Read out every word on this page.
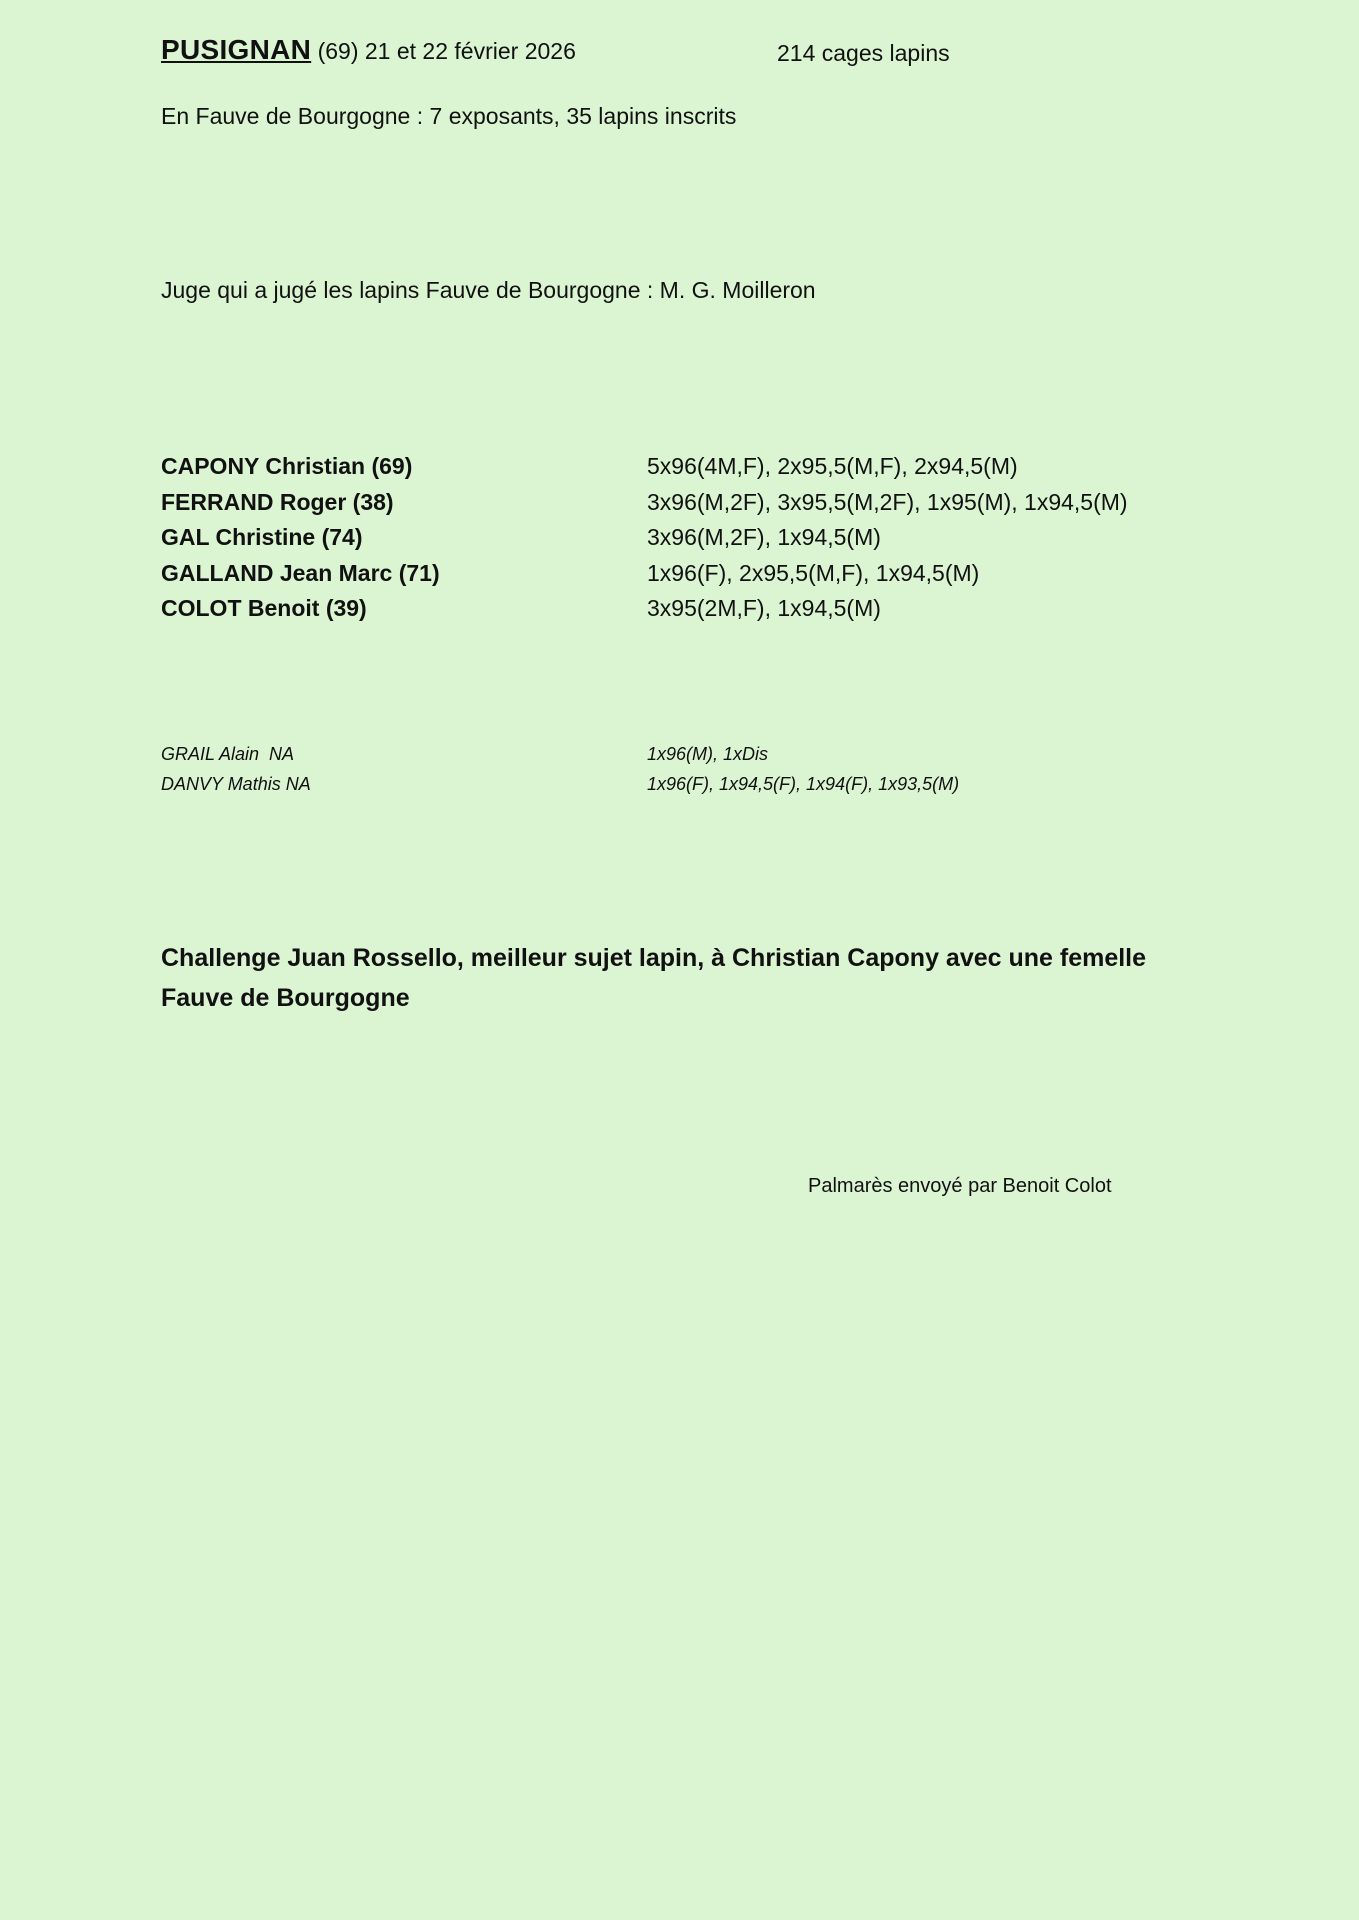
PUSIGNAN (69) 21 et 22 février 2026	214 cages lapins
En Fauve de Bourgogne : 7 exposants, 35 lapins inscrits
Juge qui a jugé les lapins Fauve de Bourgogne : M. G. Moilleron
CAPONY Christian (69)	5x96(4M,F), 2x95,5(M,F), 2x94,5(M)
FERRAND Roger (38)	3x96(M,2F), 3x95,5(M,2F), 1x95(M), 1x94,5(M)
GAL Christine (74)	3x96(M,2F), 1x94,5(M)
GALLAND Jean Marc (71)	1x96(F), 2x95,5(M,F), 1x94,5(M)
COLOT Benoit (39)	3x95(2M,F), 1x94,5(M)
GRAIL Alain  NA	1x96(M), 1xDis
DANVY Mathis NA	1x96(F), 1x94,5(F), 1x94(F), 1x93,5(M)
Challenge Juan Rossello, meilleur sujet lapin, à Christian Capony avec une femelle Fauve de Bourgogne
Palmarès envoyé par Benoit Colot
